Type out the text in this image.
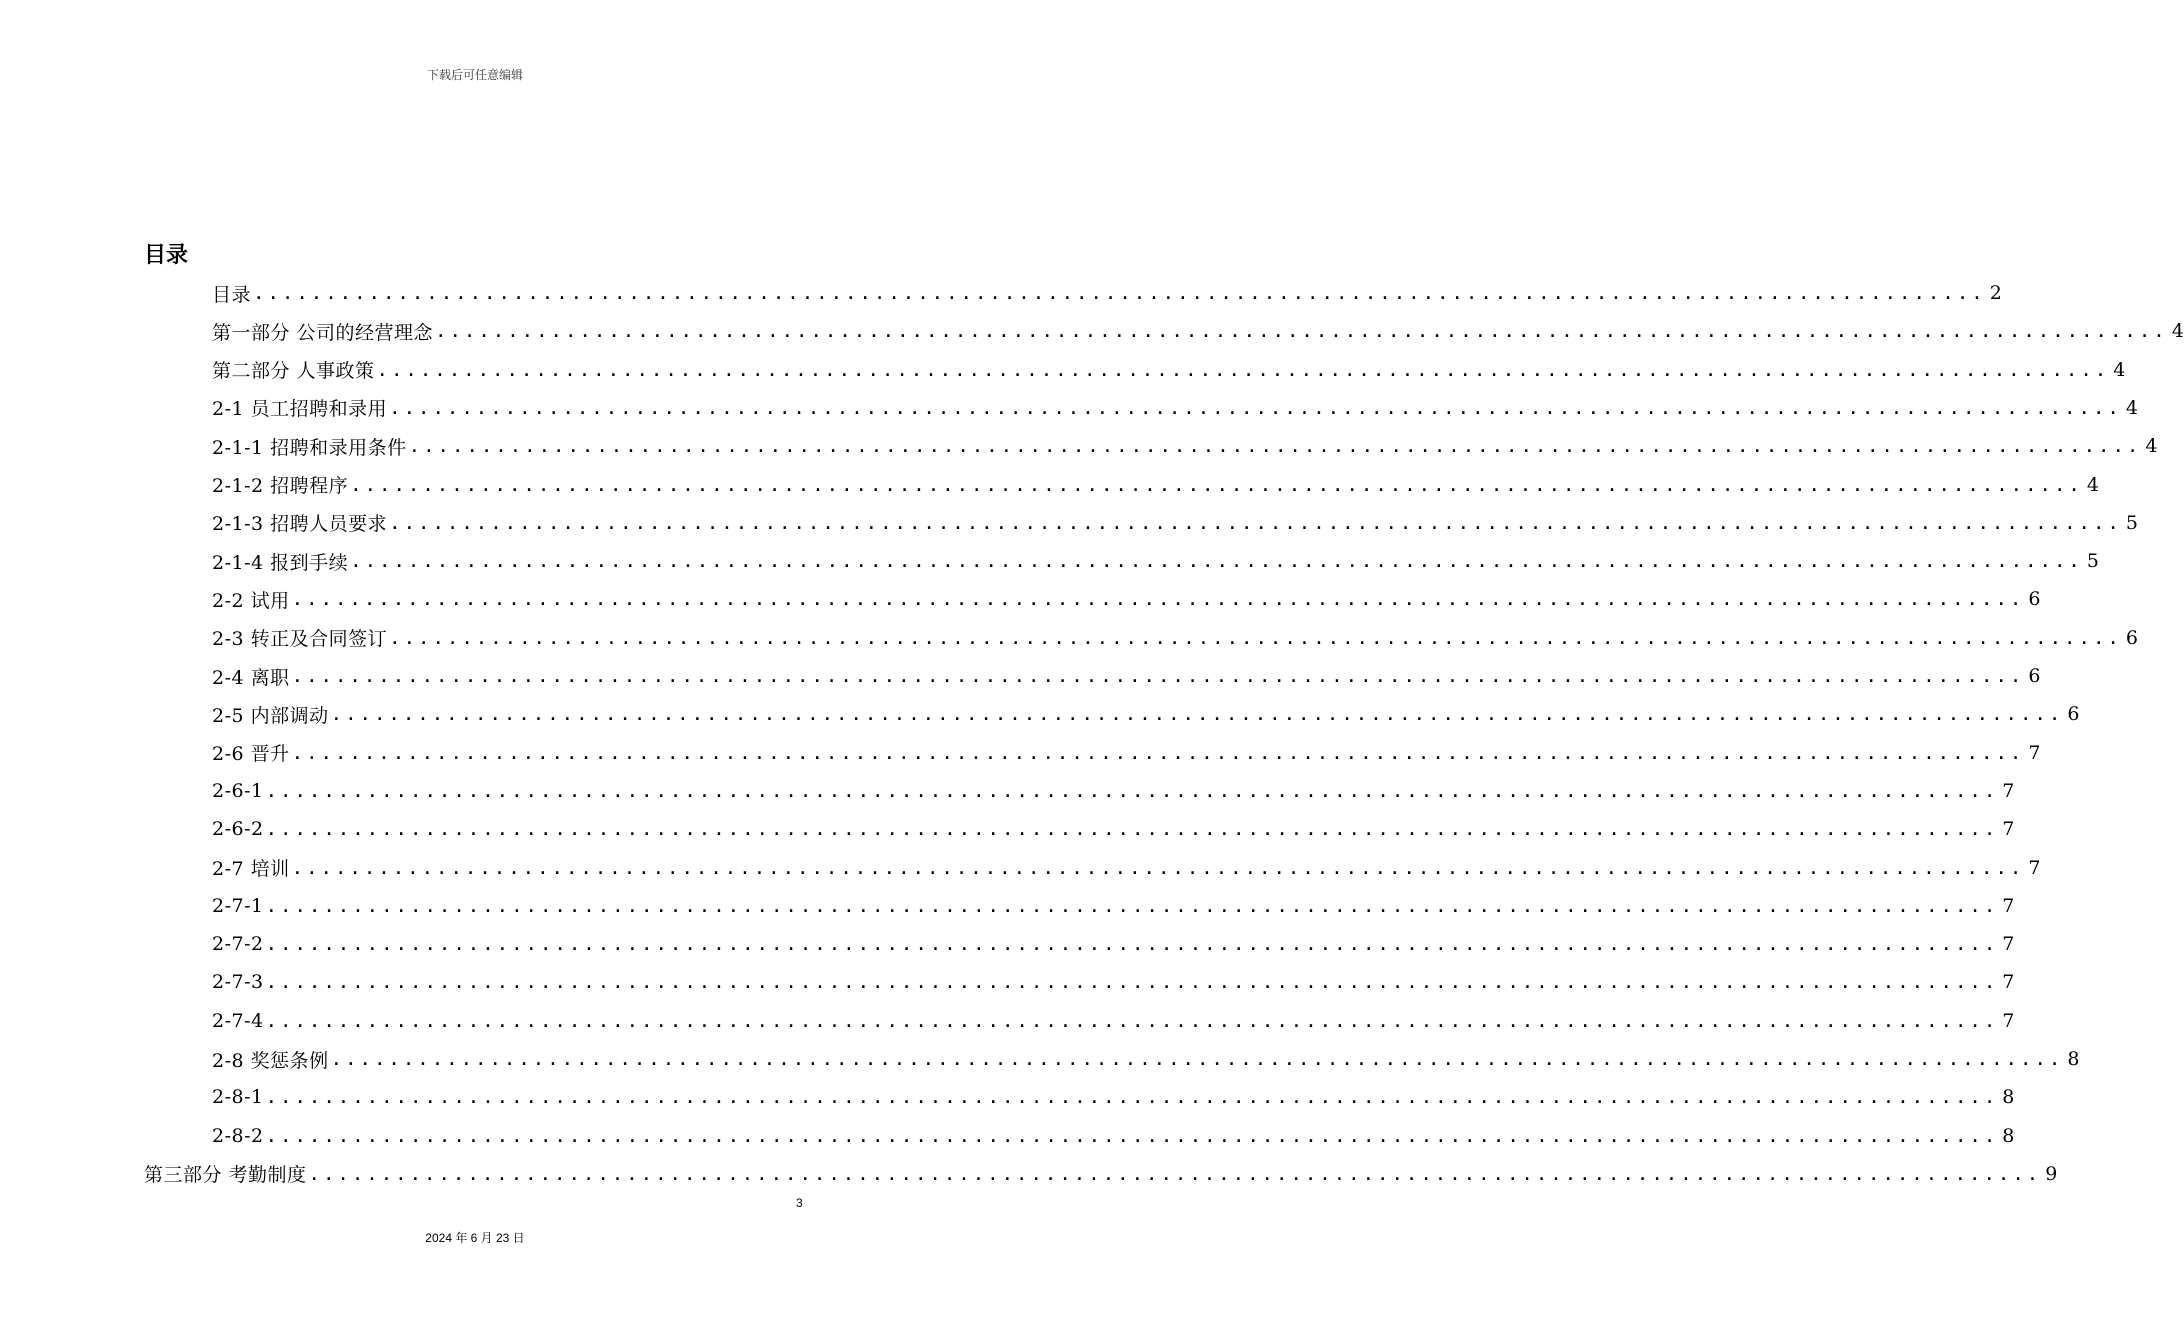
下载后可任意编辑
目录
目录 ........................................................................................................................ 2
第一部分 公司的经营理念 ........................................................................................................................ 4
第二部分 人事政策 ........................................................................................................................ 4
2-1 员工招聘和录用 ........................................................................................................................ 4
2-1-1 招聘和录用条件 ........................................................................................................................ 4
2-1-2 招聘程序 ........................................................................................................................ 4
2-1-3 招聘人员要求 ........................................................................................................................ 5
2-1-4 报到手续 ........................................................................................................................ 5
2-2 试用 ........................................................................................................................ 6
2-3 转正及合同签订 ........................................................................................................................ 6
2-4 离职 ........................................................................................................................ 6
2-5 内部调动 ........................................................................................................................ 6
2-6 晋升 ........................................................................................................................ 7
2-6-1 ........................................................................................................................ 7
2-6-2 ........................................................................................................................ 7
2-7 培训 ........................................................................................................................ 7
2-7-1 ........................................................................................................................ 7
2-7-2 ........................................................................................................................ 7
2-7-3 ........................................................................................................................ 7
2-7-4 ........................................................................................................................ 7
2-8 奖惩条例 ........................................................................................................................ 8
2-8-1 ........................................................................................................................ 8
2-8-2 ........................................................................................................................ 8
第三部分 考勤制度 ........................................................................................................................ 9
3
2024 年 6 月 23 日
